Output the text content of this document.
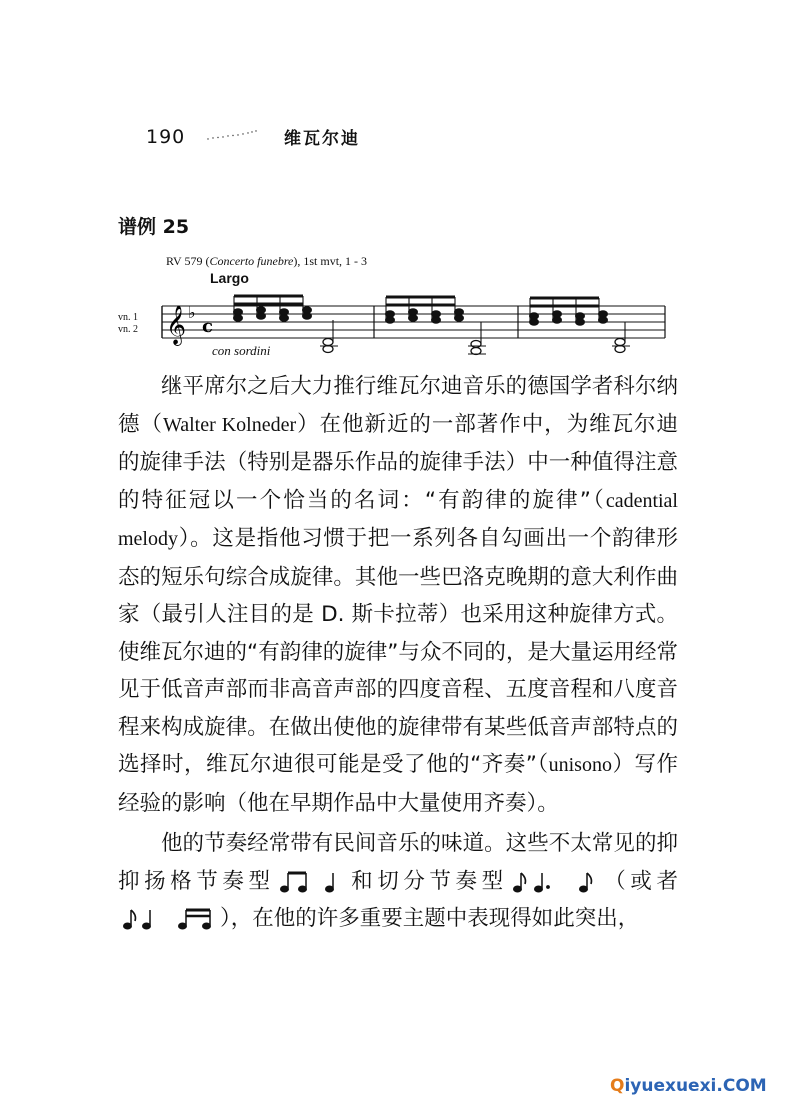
190	维瓦尔迪
谱例 25
RV 579 (Concerto funebre), 1st mvt, 1 - 3
Largo
vn. 1
vn. 2 𝄞 ♭
c
con sordini

继平席尔之后大力推行维瓦尔迪音乐的德国学者科尔纳德（Walter Kolneder）在他新近的一部著作中，为维瓦尔迪的旋律手法（特别是器乐作品的旋律手法）中一种值得注意的特征冠以一个恰当的名词：“有韵律的旋律”（cadential melody）。这是指他习惯于把一系列各自勾画出一个韵律形态的短乐句综合成旋律。其他一些巴洛克晚期的意大利作曲家（最引人注目的是 D. 斯卡拉蒂）也采用这种旋律方式。使维瓦尔迪的“有韵律的旋律”与众不同的，是大量运用经常见于低音声部而非高音声部的四度音程、五度音程和八度音程来构成旋律。在做出使他的旋律带有某些低音声部特点的选择时，维瓦尔迪很可能是受了他的“齐奏”（unisono）写作经验的影响（他在早期作品中大量使用齐奏）。

他的节奏经常带有民间音乐的味道。这些不太常见的抑抑扬格节奏型	和切分节奏型	（或者），在他的许多重要主题中表现得如此突出，

Qiyuexuexi.COM
